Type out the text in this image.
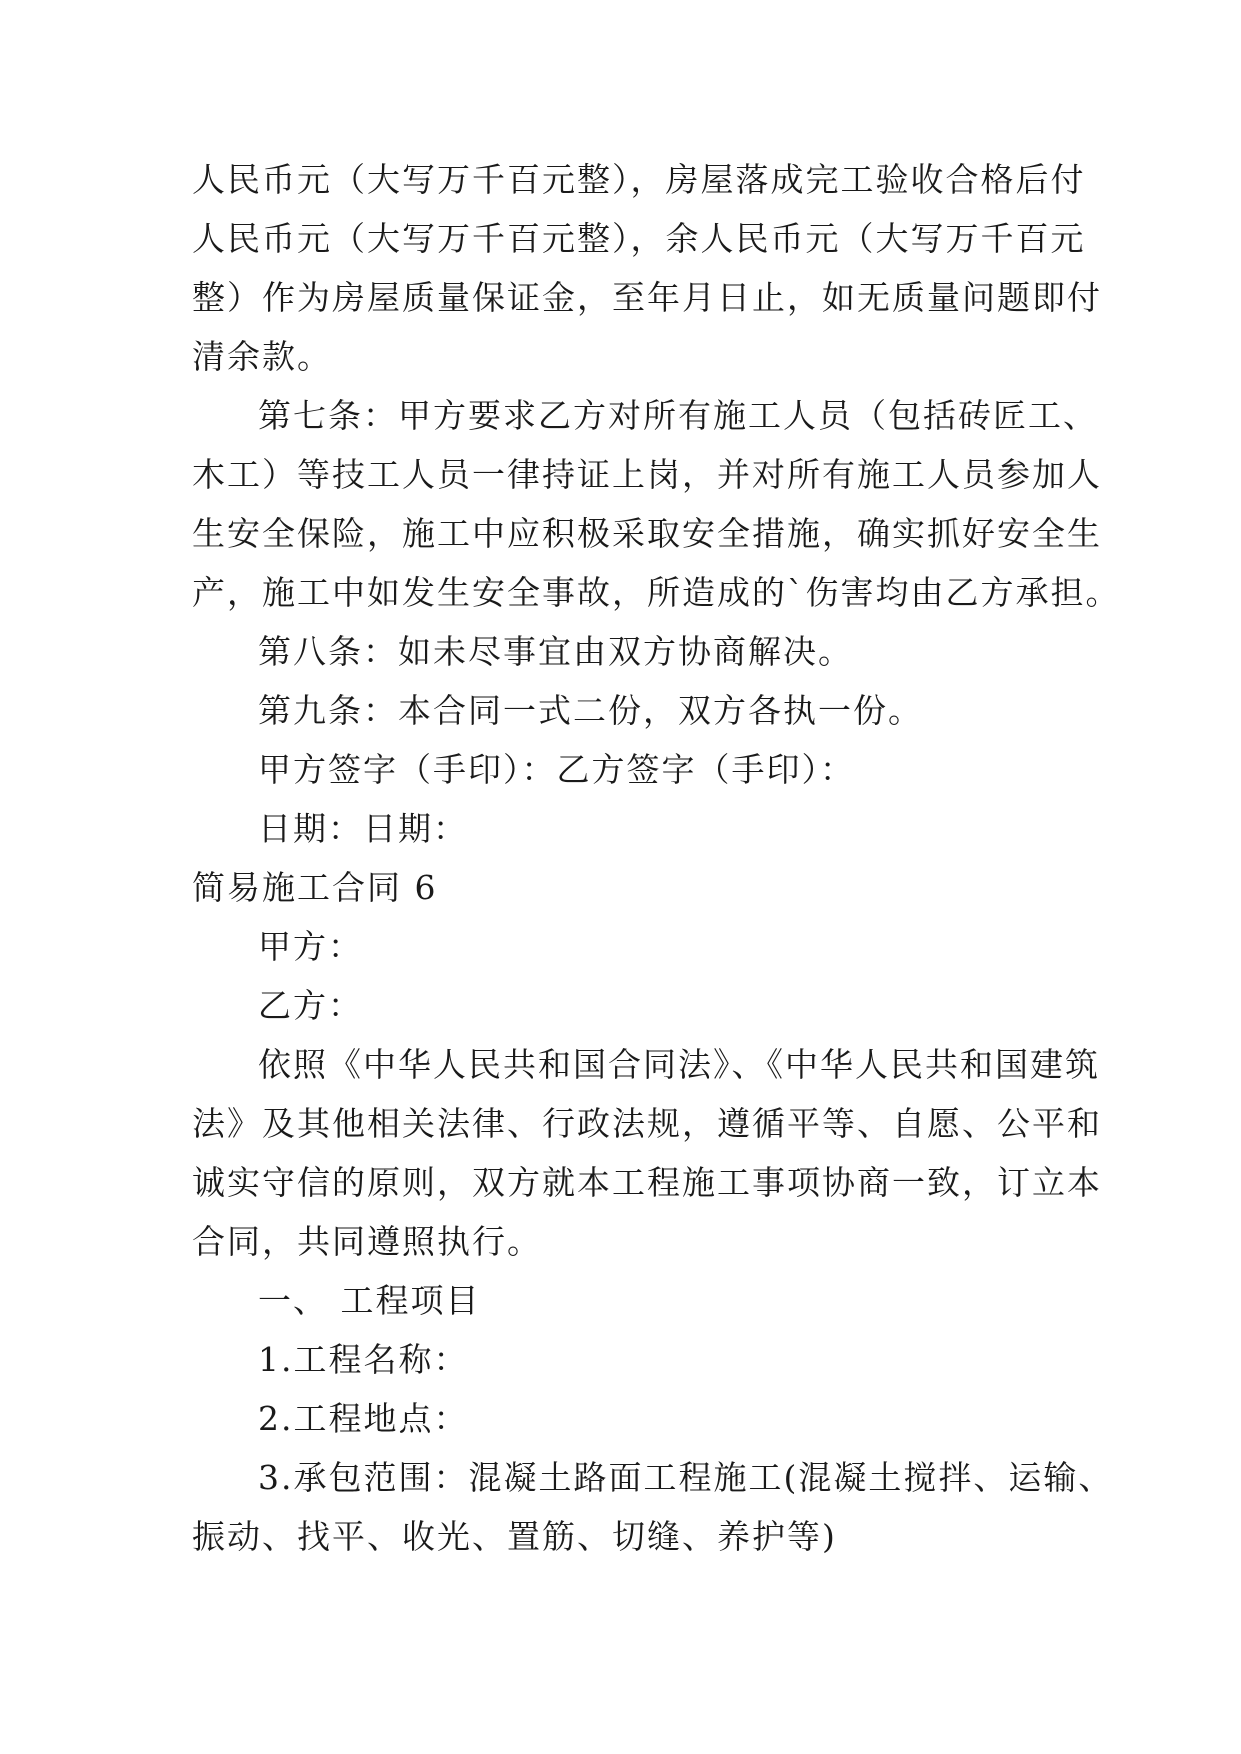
人民币元（大写万千百元整），房屋落成完工验收合格后付
人民币元（大写万千百元整），余人民币元（大写万千百元
整）作为房屋质量保证金，至年月日止，如无质量问题即付
清余款。
第七条：甲方要求乙方对所有施工人员（包括砖匠工、
木工）等技工人员一律持证上岗，并对所有施工人员参加人
生安全保险，施工中应积极采取安全措施，确实抓好安全生
产，施工中如发生安全事故，所造成的`伤害均由乙方承担。
第八条：如未尽事宜由双方协商解决。
第九条：本合同一式二份，双方各执一份。
甲方签字（手印）：乙方签字（手印）：
日期：日期：
简易施工合同 6
甲方：
乙方：
依照《中华人民共和国合同法》、《中华人民共和国建筑
法》及其他相关法律、行政法规，遵循平等、自愿、公平和
诚实守信的原则，双方就本工程施工事项协商一致，订立本
合同，共同遵照执行。
一、 工程项目
1.工程名称：
2.工程地点：
3.承包范围：混凝土路面工程施工(混凝土搅拌、运输、
振动、找平、收光、置筋、切缝、养护等)
